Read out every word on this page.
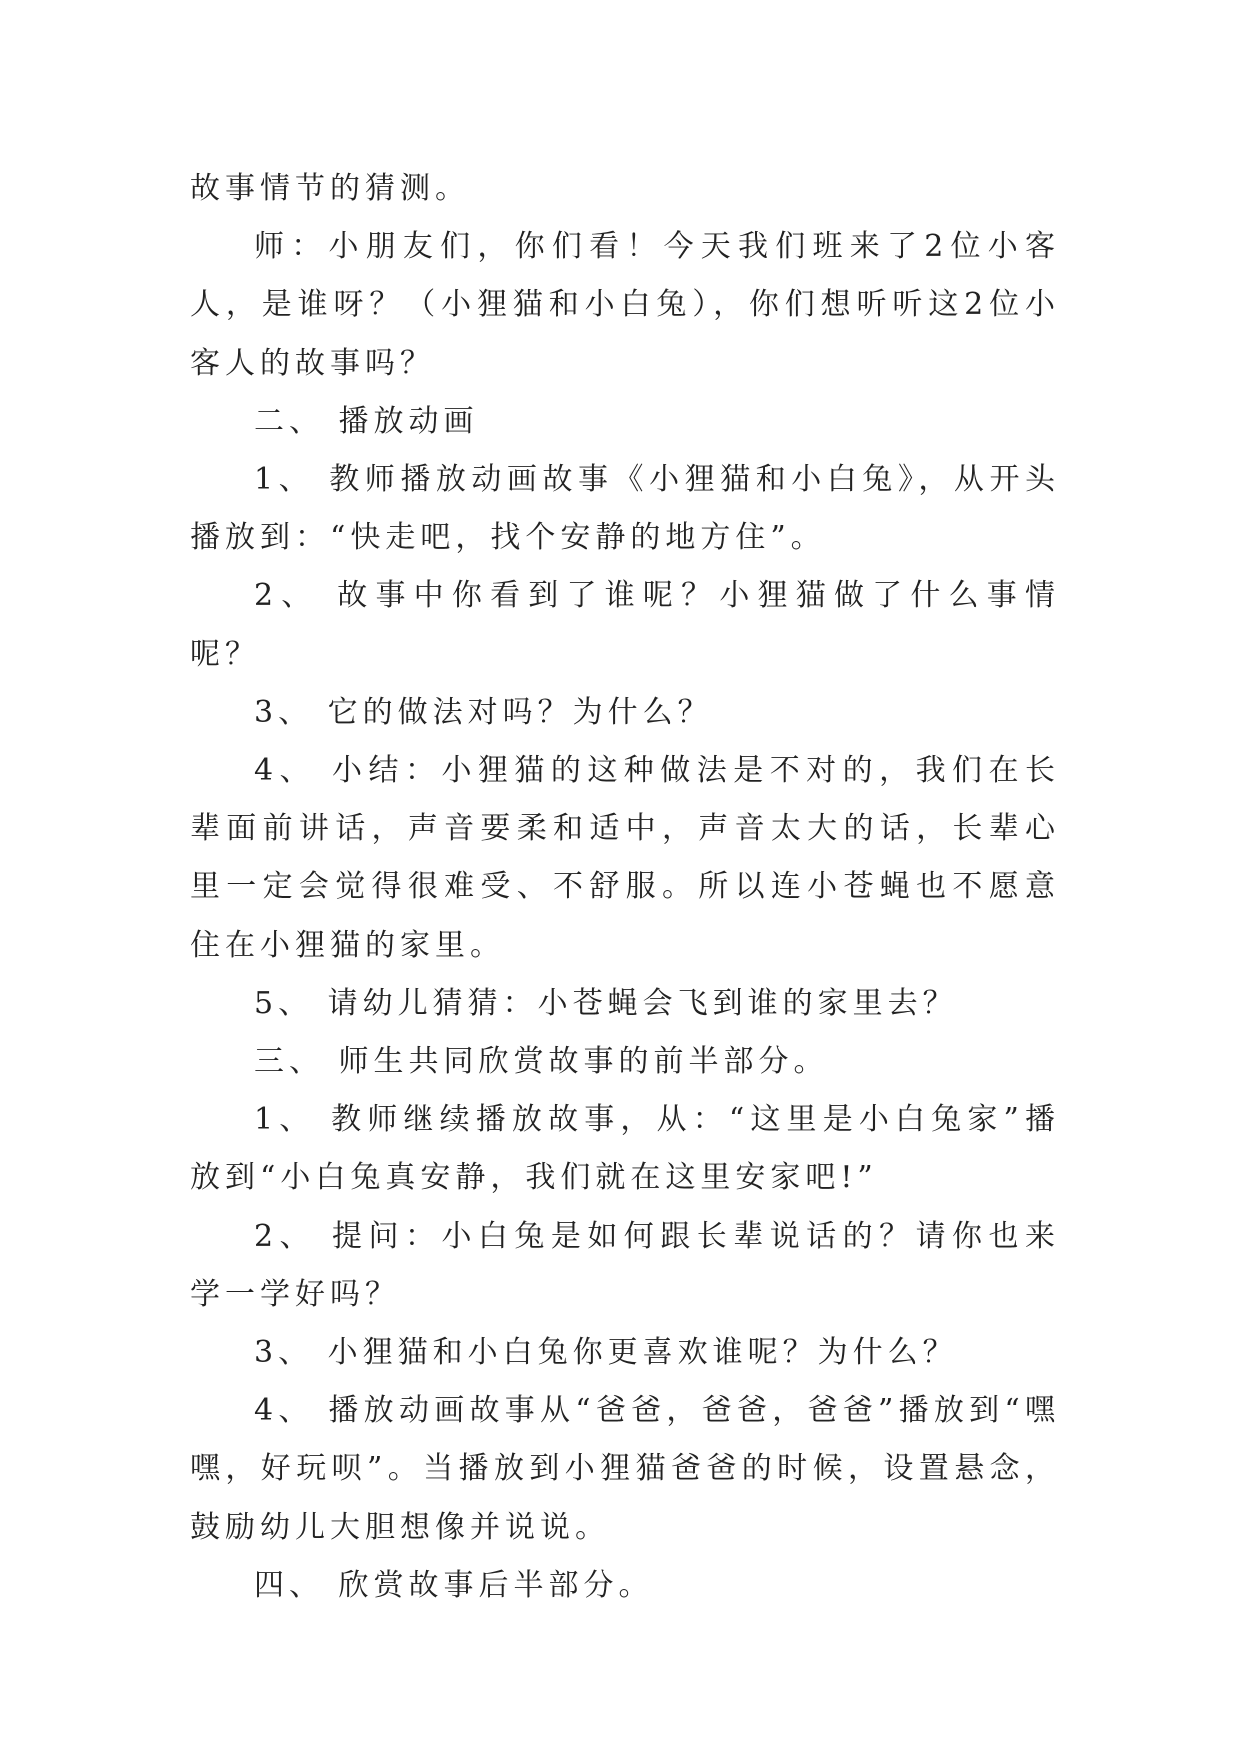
故事情节的猜测。

师：小朋友们，你们看！今天我们班来了2位小客人，是谁呀？（小狸猫和小白兔），你们想听听这2位小客人的故事吗？

二、 播放动画

1、 教师播放动画故事《小狸猫和小白兔》，从开头播放到：“快走吧，找个安静的地方住”。

2、 故事中你看到了谁呢？小狸猫做了什么事情呢？

3、 它的做法对吗？为什么？

4、 小结：小狸猫的这种做法是不对的，我们在长辈面前讲话，声音要柔和适中，声音太大的话，长辈心里一定会觉得很难受、不舒服。所以连小苍蝇也不愿意住在小狸猫的家里。

5、 请幼儿猜猜：小苍蝇会飞到谁的家里去？

三、 师生共同欣赏故事的前半部分。

1、 教师继续播放故事，从：“这里是小白兔家”播放到“小白兔真安静，我们就在这里安家吧!”

2、 提问：小白兔是如何跟长辈说话的？请你也来学一学好吗？

3、 小狸猫和小白兔你更喜欢谁呢？为什么？

4、 播放动画故事从“爸爸，爸爸，爸爸”播放到“嘿嘿，好玩呗”。当播放到小狸猫爸爸的时候，设置悬念，鼓励幼儿大胆想像并说说。

四、 欣赏故事后半部分。
